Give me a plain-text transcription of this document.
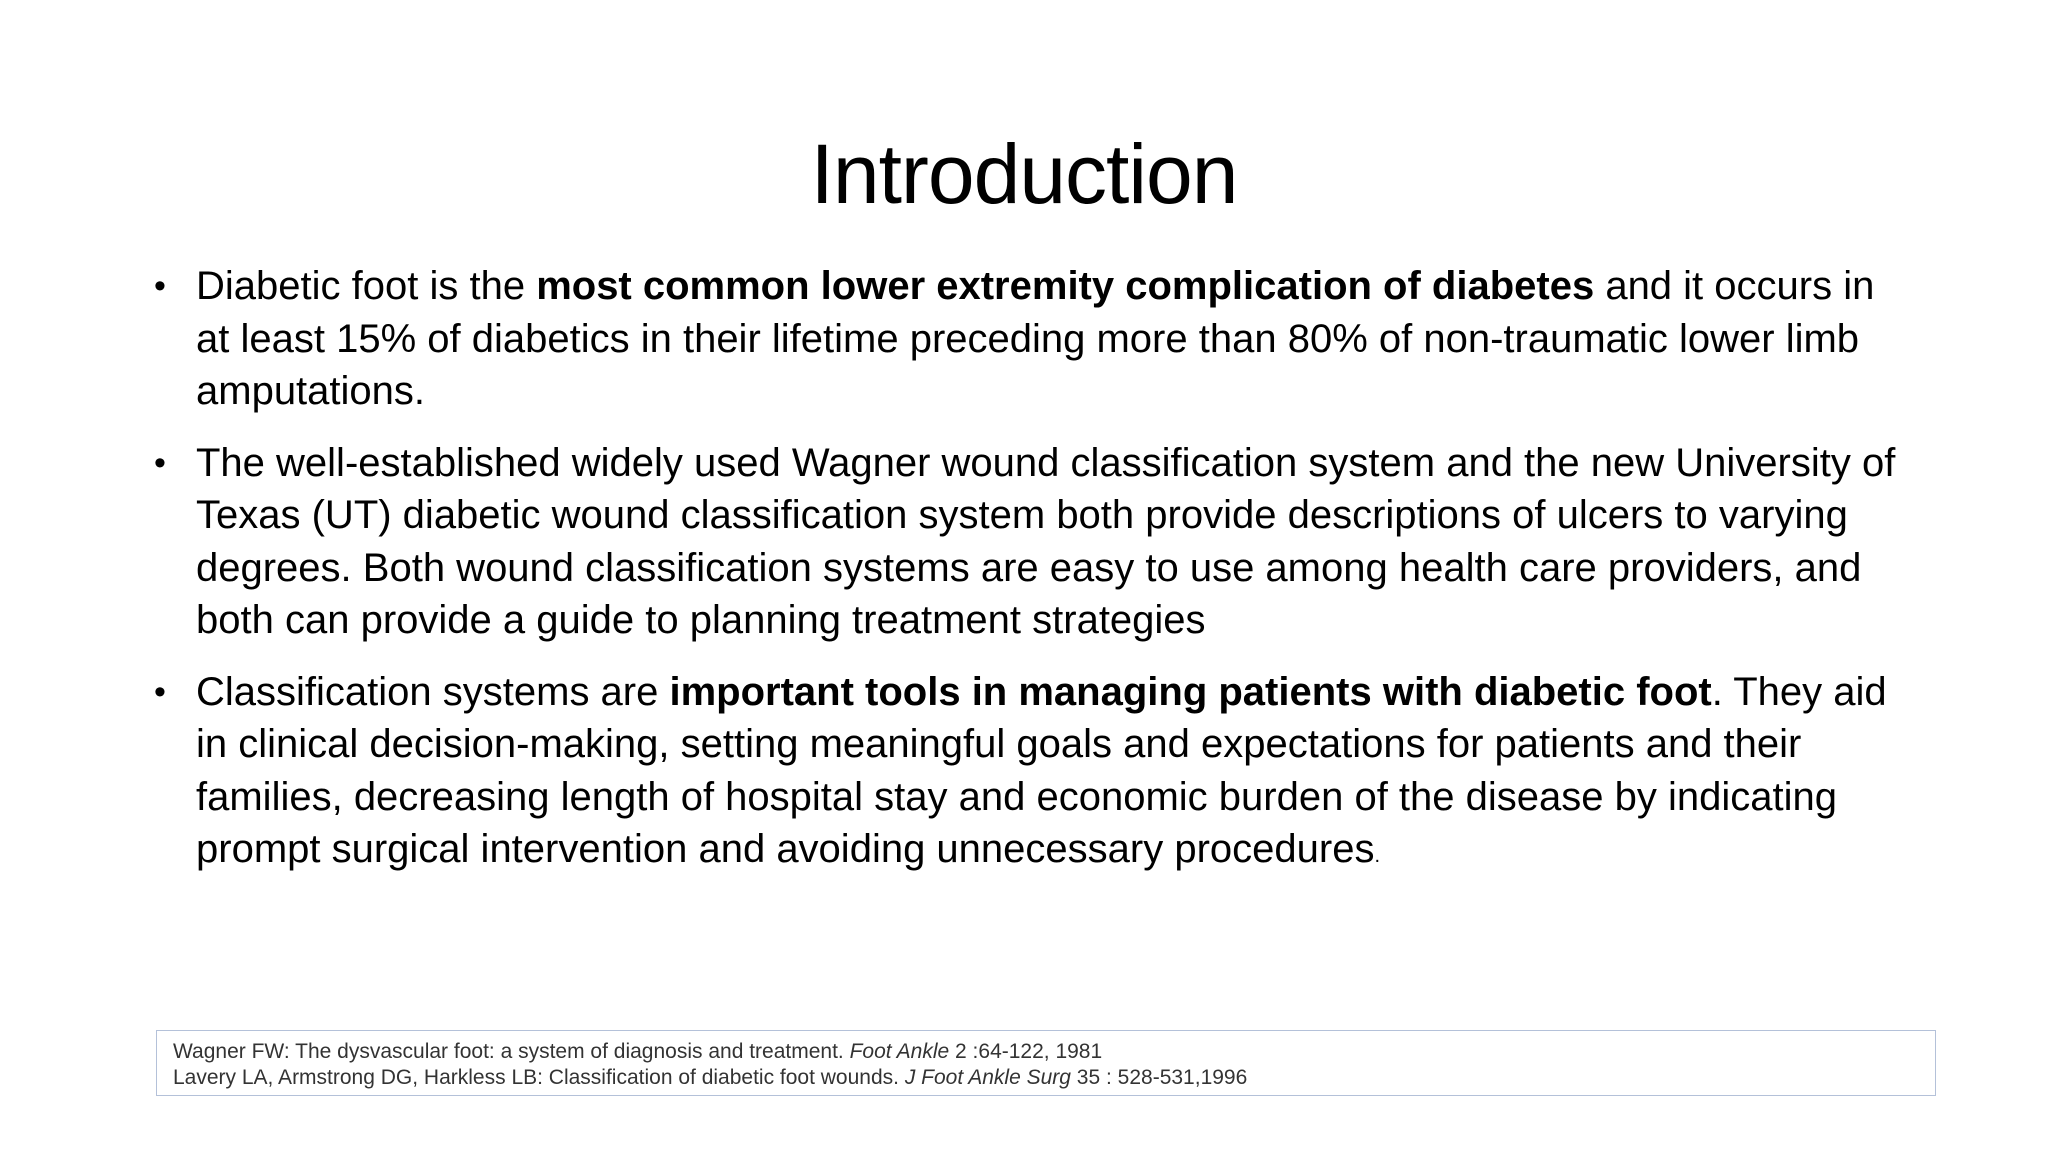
Introduction
• Diabetic foot is the most common lower extremity complication of diabetes and it occurs in at least 15% of diabetics in their lifetime preceding more than 80% of non-traumatic lower limb amputations.
• The well-established widely used Wagner wound classification system and the new University of Texas (UT) diabetic wound classification system both provide descriptions of ulcers to varying degrees. Both wound classification systems are easy to use among health care providers, and both can provide a guide to planning treatment strategies
• Classification systems are important tools in managing patients with diabetic foot. They aid in clinical decision-making, setting meaningful goals and expectations for patients and their families, decreasing length of hospital stay and economic burden of the disease by indicating prompt surgical intervention and avoiding unnecessary procedures.
Wagner FW: The dysvascular foot: a system of diagnosis and treatment. Foot Ankle 2 :64-122, 1981
Lavery LA, Armstrong DG, Harkless LB: Classification of diabetic foot wounds. J Foot Ankle Surg 35 : 528-531,1996
